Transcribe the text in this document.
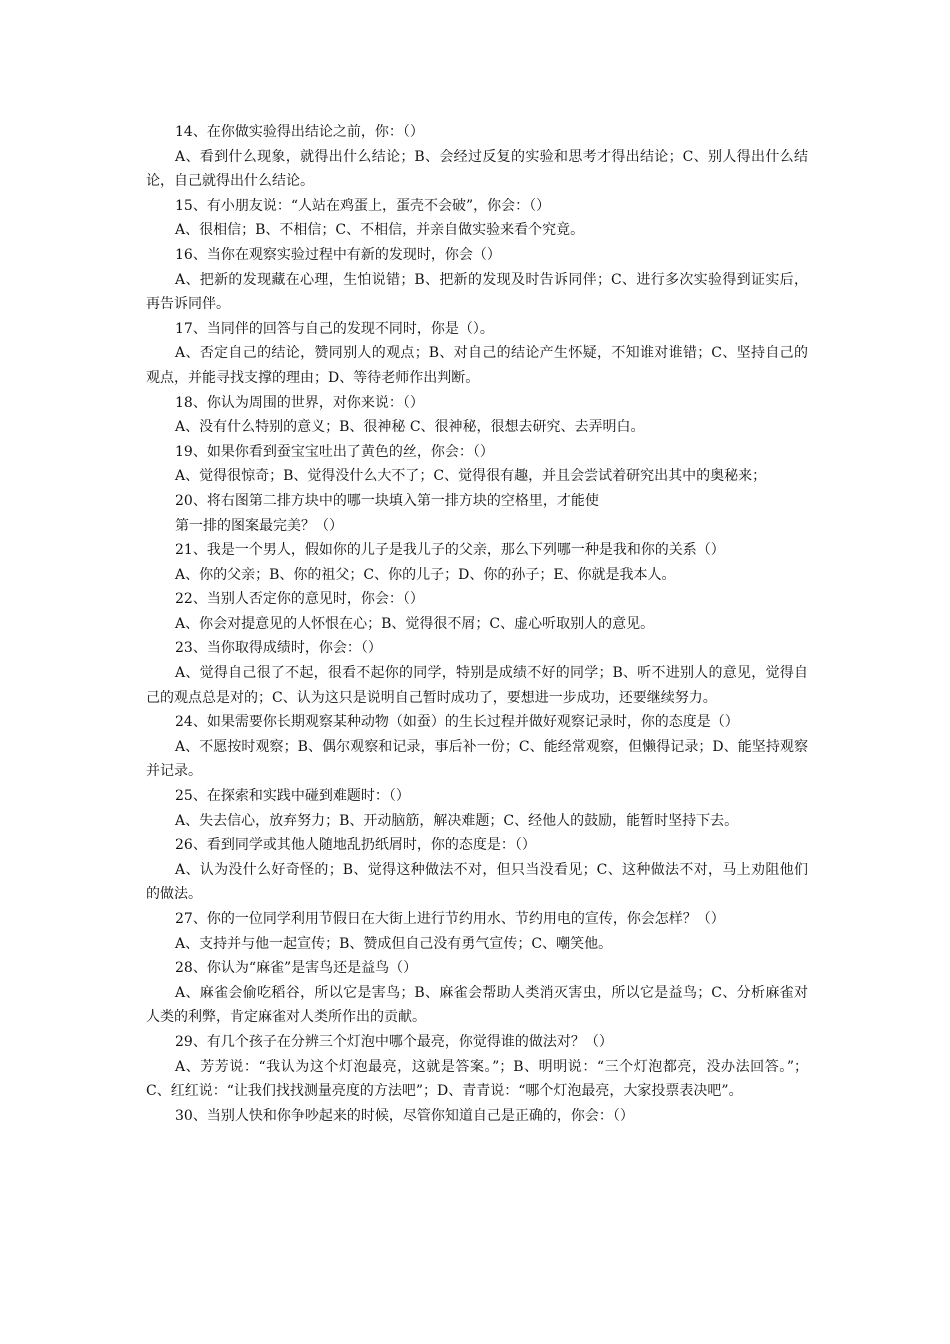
14、在你做实验得出结论之前，你：（）

A、看到什么现象，就得出什么结论；B、会经过反复的实验和思考才得出结论；C、别人得出什么结论，自己就得出什么结论。

15、有小朋友说：“人站在鸡蛋上，蛋壳不会破”，你会：（）

A、很相信；B、不相信；C、不相信，并亲自做实验来看个究竟。

16、当你在观察实验过程中有新的发现时，你会（）

A、把新的发现藏在心理，生怕说错；B、把新的发现及时告诉同伴；C、进行多次实验得到证实后，再告诉同伴。

17、当同伴的回答与自己的发现不同时，你是（）。

A、否定自己的结论，赞同别人的观点；B、对自己的结论产生怀疑，不知谁对谁错；C、坚持自己的观点，并能寻找支撑的理由；D、等待老师作出判断。

18、你认为周围的世界，对你来说：（）

A、没有什么特别的意义；B、很神秘 C、很神秘，很想去研究、去弄明白。

19、如果你看到蚕宝宝吐出了黄色的丝，你会：（）

A、觉得很惊奇；B、觉得没什么大不了；C、觉得很有趣，并且会尝试着研究出其中的奥秘来；

20、将右图第二排方块中的哪一块填入第一排方块的空格里，才能使

第一排的图案最完美？（）

21、我是一个男人，假如你的儿子是我儿子的父亲，那么下列哪一种是我和你的关系（）

A、你的父亲；B、你的祖父；C、你的儿子；D、你的孙子；E、你就是我本人。

22、当别人否定你的意见时，你会：（）

A、你会对提意见的人怀恨在心；B、觉得很不屑；C、虚心听取别人的意见。

23、当你取得成绩时，你会：（）

A、觉得自己很了不起，很看不起你的同学，特别是成绩不好的同学；B、听不进别人的意见，觉得自己的观点总是对的；C、认为这只是说明自己暂时成功了，要想进一步成功，还要继续努力。

24、如果需要你长期观察某种动物（如蚕）的生长过程并做好观察记录时，你的态度是（）

A、不愿按时观察；B、偶尔观察和记录，事后补一份；C、能经常观察，但懒得记录；D、能坚持观察并记录。

25、在探索和实践中碰到难题时：（）

A、失去信心，放弃努力；B、开动脑筋，解决难题；C、经他人的鼓励，能暂时坚持下去。

26、看到同学或其他人随地乱扔纸屑时，你的态度是：（）

A、认为没什么好奇怪的；B、觉得这种做法不对，但只当没看见；C、这种做法不对，马上劝阻他们的做法。

27、你的一位同学利用节假日在大街上进行节约用水、节约用电的宣传，你会怎样？（）

A、支持并与他一起宣传；B、赞成但自己没有勇气宣传；C、嘲笑他。

28、你认为“麻雀”是害鸟还是益鸟（）

A、麻雀会偷吃稻谷，所以它是害鸟；B、麻雀会帮助人类消灭害虫，所以它是益鸟；C、分析麻雀对人类的利弊，肯定麻雀对人类所作出的贡献。

29、有几个孩子在分辨三个灯泡中哪个最亮，你觉得谁的做法对？（）

A、芳芳说：“我认为这个灯泡最亮，这就是答案。”；B、明明说：“三个灯泡都亮，没办法回答。”；C、红红说：“让我们找找测量亮度的方法吧”；D、青青说：“哪个灯泡最亮，大家投票表决吧”。

30、当别人快和你争吵起来的时候，尽管你知道自己是正确的，你会：（）
